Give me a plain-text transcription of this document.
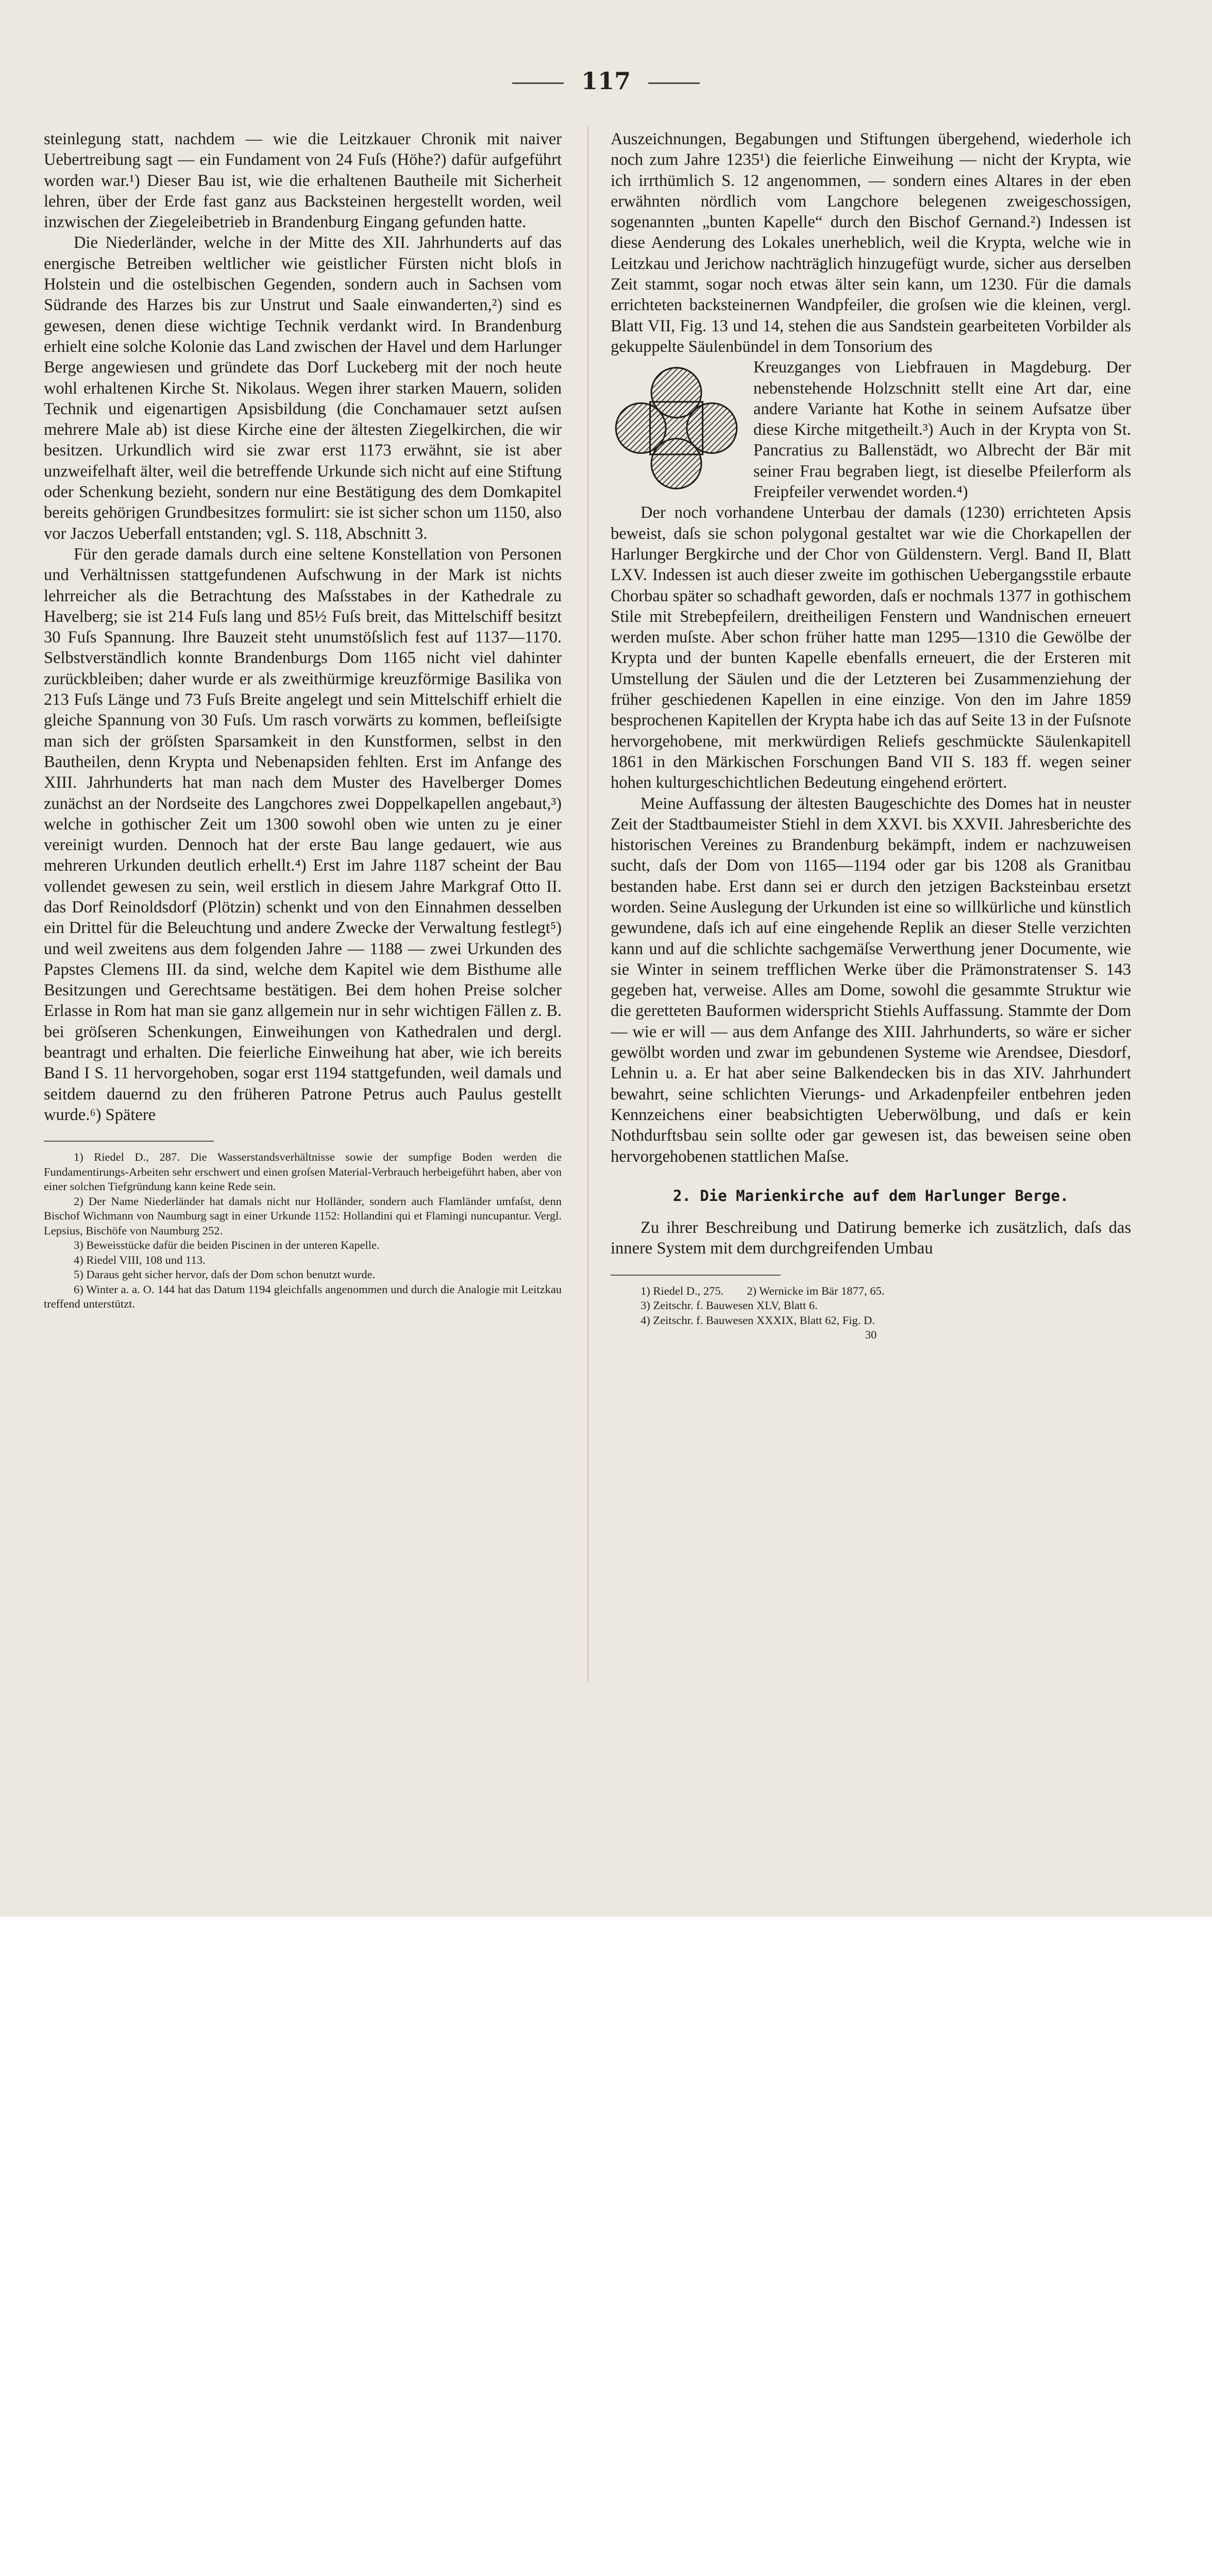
117

steinlegung statt, nachdem — wie die Leitzkauer Chronik mit naiver Uebertreibung sagt — ein Fundament von 24 Fuſs (Höhe?) dafür aufgeführt worden war.¹) Dieser Bau ist, wie die erhaltenen Bautheile mit Sicherheit lehren, über der Erde fast ganz aus Backsteinen hergestellt worden, weil inzwischen der Ziegeleibetrieb in Brandenburg Eingang gefunden hatte.

Die Niederländer, welche in der Mitte des XII. Jahrhunderts auf das energische Betreiben weltlicher wie geistlicher Fürsten nicht bloſs in Holstein und die ostelbischen Gegenden, sondern auch in Sachsen vom Südrande des Harzes bis zur Unstrut und Saale einwanderten,²) sind es gewesen, denen diese wichtige Technik verdankt wird. In Brandenburg erhielt eine solche Kolonie das Land zwischen der Havel und dem Harlunger Berge angewiesen und gründete das Dorf Luckeberg mit der noch heute wohl erhaltenen Kirche St. Nikolaus. Wegen ihrer starken Mauern, soliden Technik und eigenartigen Apsisbildung (die Conchamauer setzt auſsen mehrere Male ab) ist diese Kirche eine der ältesten Ziegelkirchen, die wir besitzen. Urkundlich wird sie zwar erst 1173 erwähnt, sie ist aber unzweifelhaft älter, weil die betreffende Urkunde sich nicht auf eine Stiftung oder Schenkung bezieht, sondern nur eine Bestätigung des dem Domkapitel bereits gehörigen Grundbesitzes formulirt: sie ist sicher schon um 1150, also vor Jaczos Ueberfall entstanden; vgl. S. 118, Abschnitt 3.

Für den gerade damals durch eine seltene Konstellation von Personen und Verhältnissen stattgefundenen Aufschwung in der Mark ist nichts lehrreicher als die Betrachtung des Maſsstabes in der Kathedrale zu Havelberg; sie ist 214 Fuſs lang und 85½ Fuſs breit, das Mittelschiff besitzt 30 Fuſs Spannung. Ihre Bauzeit steht unumstöſslich fest auf 1137—1170. Selbstverständlich konnte Brandenburgs Dom 1165 nicht viel dahinter zurückbleiben; daher wurde er als zweithürmige kreuzförmige Basilika von 213 Fuſs Länge und 73 Fuſs Breite angelegt und sein Mittelschiff erhielt die gleiche Spannung von 30 Fuſs. Um rasch vorwärts zu kommen, befleiſsigte man sich der gröſsten Sparsamkeit in den Kunstformen, selbst in den Bautheilen, denn Krypta und Nebenapsiden fehlten. Erst im Anfange des XIII. Jahrhunderts hat man nach dem Muster des Havelberger Domes zunächst an der Nordseite des Langchores zwei Doppelkapellen angebaut,³) welche in gothischer Zeit um 1300 sowohl oben wie unten zu je einer vereinigt wurden. Dennoch hat der erste Bau lange gedauert, wie aus mehreren Urkunden deutlich erhellt.⁴) Erst im Jahre 1187 scheint der Bau vollendet gewesen zu sein, weil erstlich in diesem Jahre Markgraf Otto II. das Dorf Reinoldsdorf (Plötzin) schenkt und von den Einnahmen desselben ein Drittel für die Beleuchtung und andere Zwecke der Verwaltung festlegt⁵) und weil zweitens aus dem folgenden Jahre — 1188 — zwei Urkunden des Papstes Clemens III. da sind, welche dem Kapitel wie dem Bisthume alle Besitzungen und Gerechtsame bestätigen. Bei dem hohen Preise solcher Erlasse in Rom hat man sie ganz allgemein nur in sehr wichtigen Fällen z. B. bei gröſseren Schenkungen, Einweihungen von Kathedralen und dergl. beantragt und erhalten. Die feierliche Einweihung hat aber, wie ich bereits Band I S. 11 hervorgehoben, sogar erst 1194 stattgefunden, weil damals und seitdem dauernd zu den früheren Patrone Petrus auch Paulus gestellt wurde.⁶) Spätere

1) Riedel D., 287. Die Wasserstandsverhältnisse sowie der sumpfige Boden werden die Fundamentirungs-Arbeiten sehr erschwert und einen groſsen Material-Verbrauch herbeigeführt haben, aber von einer solchen Tiefgründung kann keine Rede sein.

2) Der Name Niederländer hat damals nicht nur Holländer, sondern auch Flamländer umfaſst, denn Bischof Wichmann von Naumburg sagt in einer Urkunde 1152: Hollandini qui et Flamingi nuncupantur. Vergl. Lepsius, Bischöfe von Naumburg 252.

3) Beweisstücke dafür die beiden Piscinen in der unteren Kapelle.

4) Riedel VIII, 108 und 113.

5) Daraus geht sicher hervor, daſs der Dom schon benutzt wurde.

6) Winter a. a. O. 144 hat das Datum 1194 gleichfalls angenommen und durch die Analogie mit Leitzkau treffend unterstützt.

Auszeichnungen, Begabungen und Stiftungen übergehend, wiederhole ich noch zum Jahre 1235¹) die feierliche Einweihung — nicht der Krypta, wie ich irrthümlich S. 12 angenommen, — sondern eines Altares in der eben erwähnten nördlich vom Langchore belegenen zweigeschossigen, sogenannten „bunten Kapelle“ durch den Bischof Gernand.²) Indessen ist diese Aenderung des Lokales unerheblich, weil die Krypta, welche wie in Leitzkau und Jerichow nachträglich hinzugefügt wurde, sicher aus derselben Zeit stammt, sogar noch etwas älter sein kann, um 1230. Für die damals errichteten backsteinernen Wandpfeiler, die groſsen wie die kleinen, vergl. Blatt VII, Fig. 13 und 14, stehen die aus Sandstein gearbeiteten Vorbilder als gekuppelte Säulenbündel in dem Tonsorium des

Kreuzganges von Liebfrauen in Magdeburg. Der nebenstehende Holzschnitt stellt eine Art dar, eine andere Variante hat Kothe in seinem Aufsatze über diese Kirche mitgetheilt.³) Auch in der Krypta von St. Pancratius zu Ballenstädt, wo Albrecht der Bär mit seiner Frau begraben liegt, ist dieselbe Pfeilerform als Freipfeiler verwendet worden.⁴)

Der noch vorhandene Unterbau der damals (1230) errichteten Apsis beweist, daſs sie schon polygonal gestaltet war wie die Chorkapellen der Harlunger Bergkirche und der Chor von Güldenstern. Vergl. Band II, Blatt LXV. Indessen ist auch dieser zweite im gothischen Uebergangsstile erbaute Chorbau später so schadhaft geworden, daſs er nochmals 1377 in gothischem Stile mit Strebepfeilern, dreitheiligen Fenstern und Wandnischen erneuert werden muſste. Aber schon früher hatte man 1295—1310 die Gewölbe der Krypta und der bunten Kapelle ebenfalls erneuert, die der Ersteren mit Umstellung der Säulen und die der Letzteren bei Zusammenziehung der früher geschiedenen Kapellen in eine einzige. Von den im Jahre 1859 besprochenen Kapitellen der Krypta habe ich das auf Seite 13 in der Fuſsnote hervorgehobene, mit merkwürdigen Reliefs geschmückte Säulenkapitell 1861 in den Märkischen Forschungen Band VII S. 183 ff. wegen seiner hohen kulturgeschichtlichen Bedeutung eingehend erörtert.

Meine Auffassung der ältesten Baugeschichte des Domes hat in neuster Zeit der Stadtbaumeister Stiehl in dem XXVI. bis XXVII. Jahresberichte des historischen Vereines zu Brandenburg bekämpft, indem er nachzuweisen sucht, daſs der Dom von 1165—1194 oder gar bis 1208 als Granitbau bestanden habe. Erst dann sei er durch den jetzigen Backsteinbau ersetzt worden. Seine Auslegung der Urkunden ist eine so willkürliche und künstlich gewundene, daſs ich auf eine eingehende Replik an dieser Stelle verzichten kann und auf die schlichte sachgemäſse Verwerthung jener Documente, wie sie Winter in seinem trefflichen Werke über die Prämonstratenser S. 143 gegeben hat, verweise. Alles am Dome, sowohl die gesammte Struktur wie die geretteten Bauformen widerspricht Stiehls Auffassung. Stammte der Dom — wie er will — aus dem Anfange des XIII. Jahrhunderts, so wäre er sicher gewölbt worden und zwar im gebundenen Systeme wie Arendsee, Diesdorf, Lehnin u. a. Er hat aber seine Balkendecken bis in das XIV. Jahrhundert bewahrt, seine schlichten Vierungs- und Arkadenpfeiler entbehren jeden Kennzeichens einer beabsichtigten Ueberwölbung, und daſs er kein Nothdurftsbau sein sollte oder gar gewesen ist, das beweisen seine oben hervorgehobenen stattlichen Maſse.

2. Die Marienkirche auf dem Harlunger Berge.

Zu ihrer Beschreibung und Datirung bemerke ich zusätzlich, daſs das innere System mit dem durchgreifenden Umbau

1) Riedel D., 275.        2) Wernicke im Bär 1877, 65.

3) Zeitschr. f. Bauwesen XLV, Blatt 6.

4) Zeitschr. f. Bauwesen XXXIX, Blatt 62, Fig. D.

30
